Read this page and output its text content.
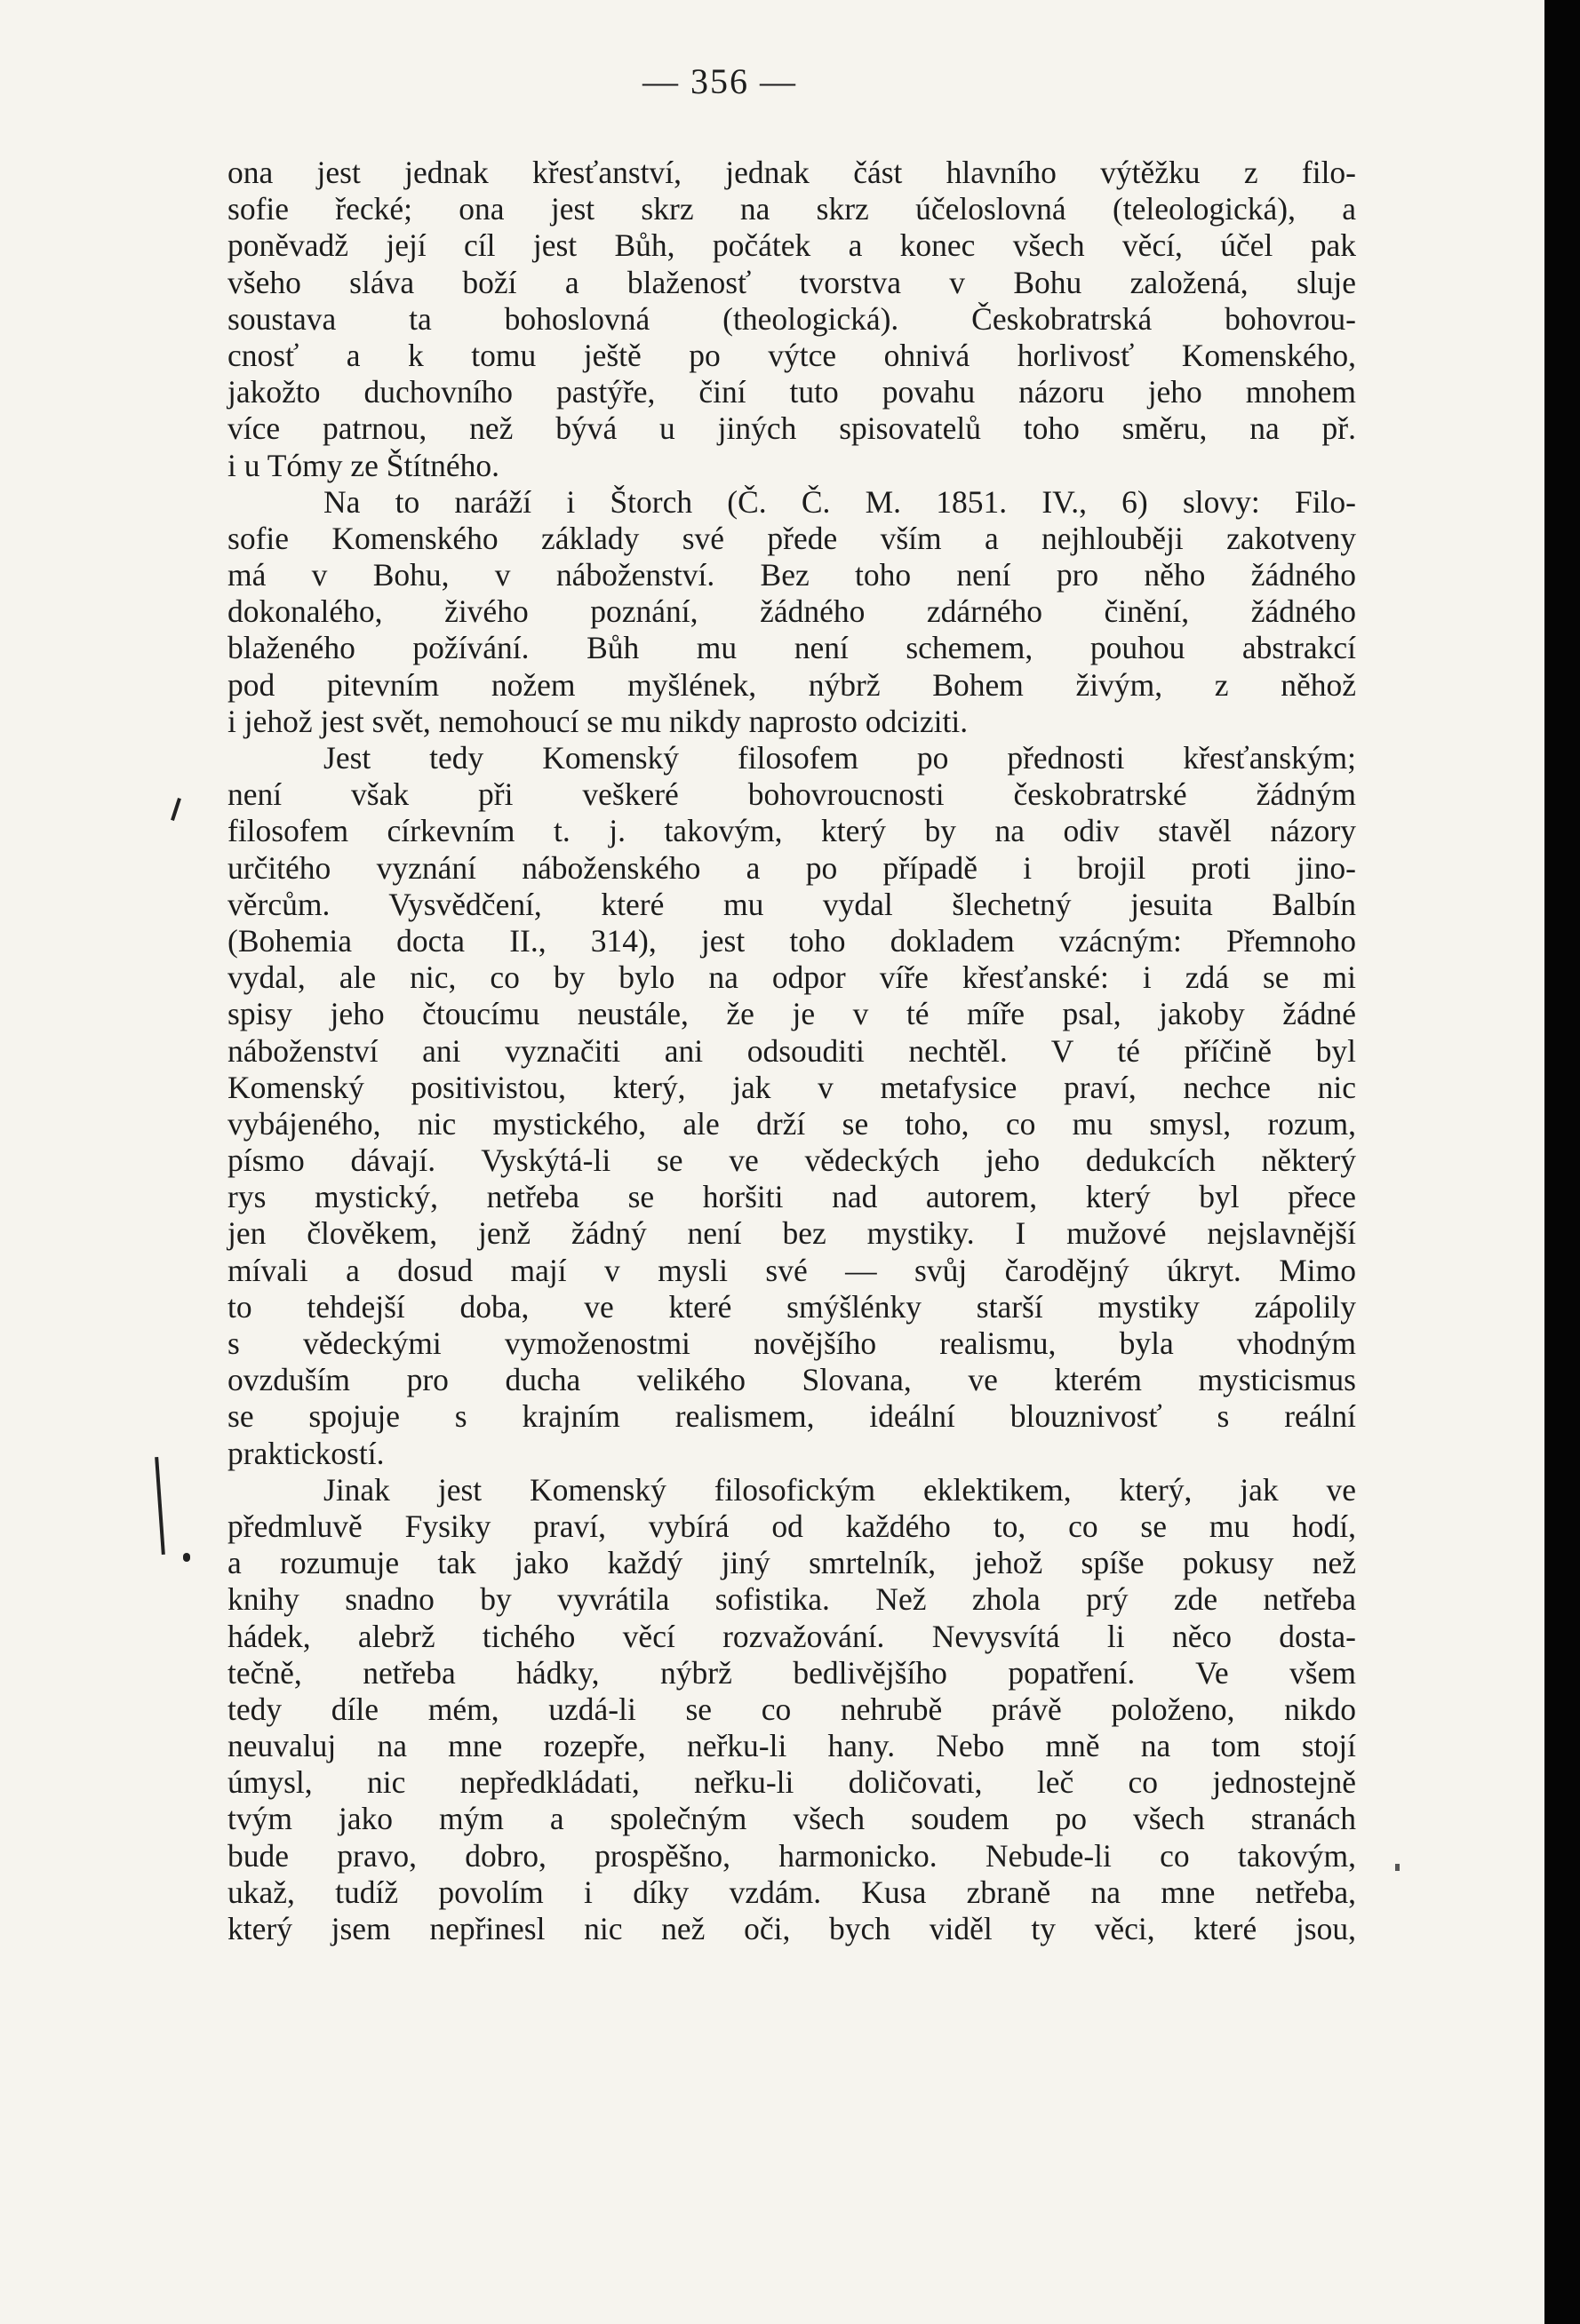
— 356 —
ona jest jednak křesťanství, jednak část hlavního výtěžku z filo-
sofie řecké; ona jest skrz na skrz účeloslovná (teleologická), a
poněvadž její cíl jest Bůh, počátek a konec všech věcí, účel pak
všeho sláva boží a blaženosť tvorstva v Bohu založená, sluje
soustava ta bohoslovná (theologická). Českobratrská bohovrou-
cnosť a k tomu ještě po výtce ohnivá horlivosť Komenského,
jakožto duchovního pastýře, činí tuto povahu názoru jeho mnohem
více patrnou, než bývá u jiných spisovatelů toho směru, na př.
i u Tómy ze Štítného.
Na to naráží i Štorch (Č. Č. M. 1851. IV., 6) slovy: Filo-
sofie Komenského základy své přede vším a nejhlouběji zakotveny
má v Bohu, v náboženství. Bez toho není pro něho žádného
dokonalého, živého poznání, žádného zdárného činění, žádného
blaženého požívání. Bůh mu není schemem, pouhou abstrakcí
pod pitevním nožem myšlének, nýbrž Bohem živým, z něhož
i jehož jest svět, nemohoucí se mu nikdy naprosto odciziti.
Jest tedy Komenský filosofem po přednosti křesťanským;
není však při veškeré bohovroucnosti českobratrské žádným
filosofem církevním t. j. takovým, který by na odiv stavěl názory
určitého vyznání náboženského a po případě i brojil proti jino-
věrcům. Vysvědčení, které mu vydal šlechetný jesuita Balbín
(Bohemia docta II., 314), jest toho dokladem vzácným: Přemnoho
vydal, ale nic, co by bylo na odpor víře křesťanské: i zdá se mi
spisy jeho čtoucímu neustále, že je v té míře psal, jakoby žádné
náboženství ani vyznačiti ani odsouditi nechtěl. V té příčině byl
Komenský positivistou, který, jak v metafysice praví, nechce nic
vybájeného, nic mystického, ale drží se toho, co mu smysl, rozum,
písmo dávají. Vyskýtá-li se ve vědeckých jeho dedukcích některý
rys mystický, netřeba se horšiti nad autorem, který byl přece
jen člověkem, jenž žádný není bez mystiky. I mužové nejslavnější
mívali a dosud mají v mysli své — svůj čarodějný úkryt. Mimo
to tehdejší doba, ve které smýšlénky starší mystiky zápolily
s vědeckými vymoženostmi novějšího realismu, byla vhodným
ovzduším pro ducha velikého Slovana, ve kterém mysticismus
se spojuje s krajním realismem, ideální blouznivosť s reální
praktickostí.
Jinak jest Komenský filosofickým eklektikem, který, jak ve
předmluvě Fysiky praví, vybírá od každého to, co se mu hodí,
a rozumuje tak jako každý jiný smrtelník, jehož spíše pokusy než
knihy snadno by vyvrátila sofistika. Než zhola prý zde netřeba
hádek, alebrž tichého věcí rozvažování. Nevysvítá li něco dosta-
tečně, netřeba hádky, nýbrž bedlivějšího popatření. Ve všem
tedy díle mém, uzdá-li se co nehrubě právě položeno, nikdo
neuvaluj na mne rozepře, neřku-li hany. Nebo mně na tom stojí
úmysl, nic nepředkládati, neřku-li doličovati, leč co jednostejně
tvým jako mým a společným všech soudem po všech stranách
bude pravo, dobro, prospěšno, harmonicko. Nebude-li co takovým,
ukaž, tudíž povolím i díky vzdám. Kusa zbraně na mne netřeba,
který jsem nepřinesl nic než oči, bych viděl ty věci, které jsou,
